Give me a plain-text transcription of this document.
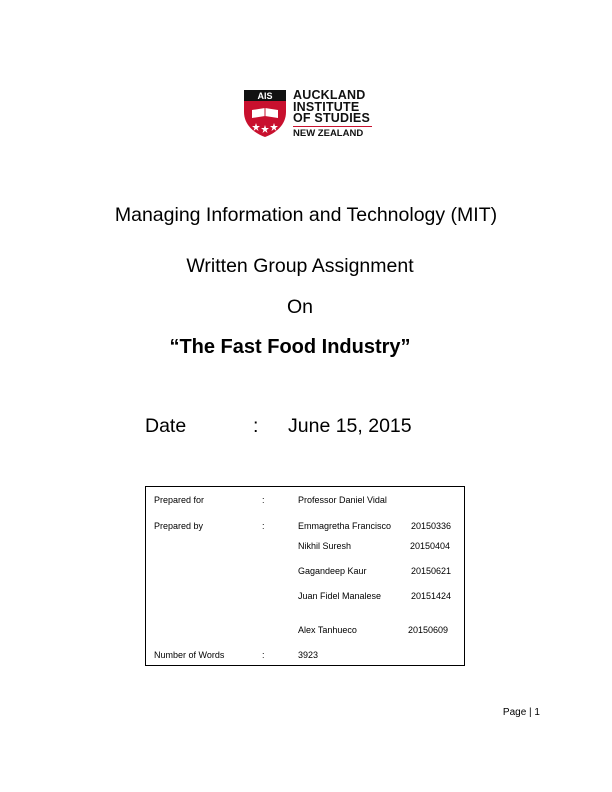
AIS AUCKLAND
INSTITUTE
OF STUDIES
NEW ZEALAND
Managing Information and Technology (MIT)
Written Group Assignment
On
“The Fast Food Industry”
Date	: June 15, 2015
Prepared for	:	Professor Daniel Vidal
Prepared by	:	Emmagretha Francisco 20150336
Nikhil Suresh	20150404
Gagandeep Kaur	20150621
Juan Fidel Manalese	20151424
Alex Tanhueco	20150609
Number of Words	:	3923
Page | 1
